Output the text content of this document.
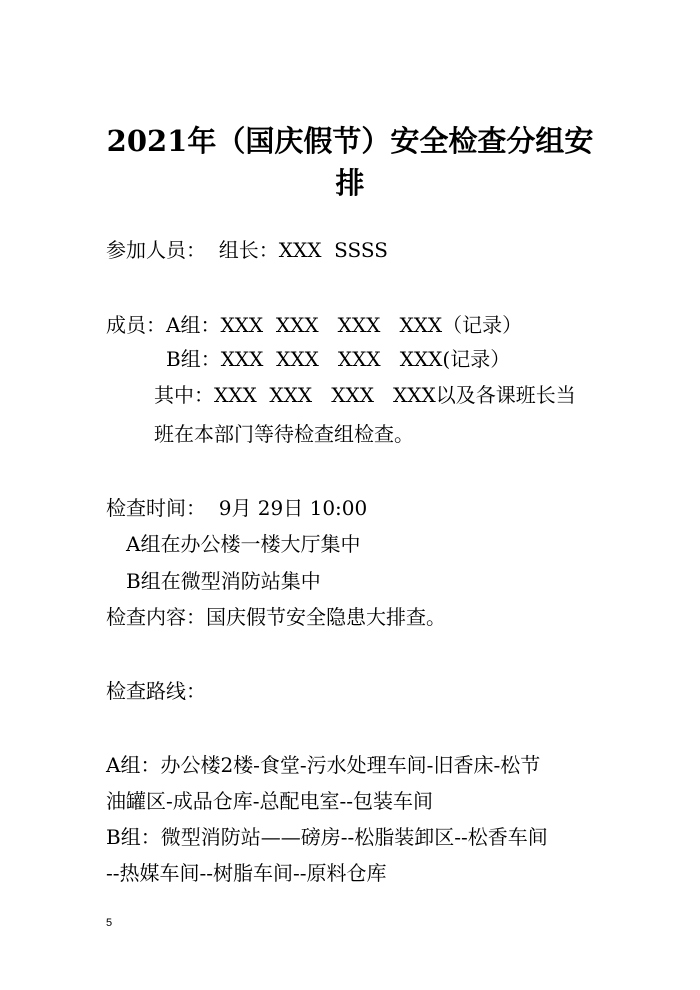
2021年（国庆假节）安全检查分组安
排
参加人员：  组长：XXX  SSSS
成员：A组：XXX  XXX   XXX   XXX（记录）
B组：XXX  XXX   XXX   XXX(记录）
其中：XXX  XXX   XXX   XXX以及各课班长当
班在本部门等待检查组检查。
检查时间：  9月 29日 10:00
A组在办公楼一楼大厅集中
B组在微型消防站集中
检查内容：国庆假节安全隐患大排查。
检查路线：
A组：办公楼2楼-食堂-污水处理车间-旧香床-松节
油罐区-成品仓库-总配电室--包装车间
B组：微型消防站——磅房--松脂装卸区--松香车间
--热媒车间--树脂车间--原料仓库
5
